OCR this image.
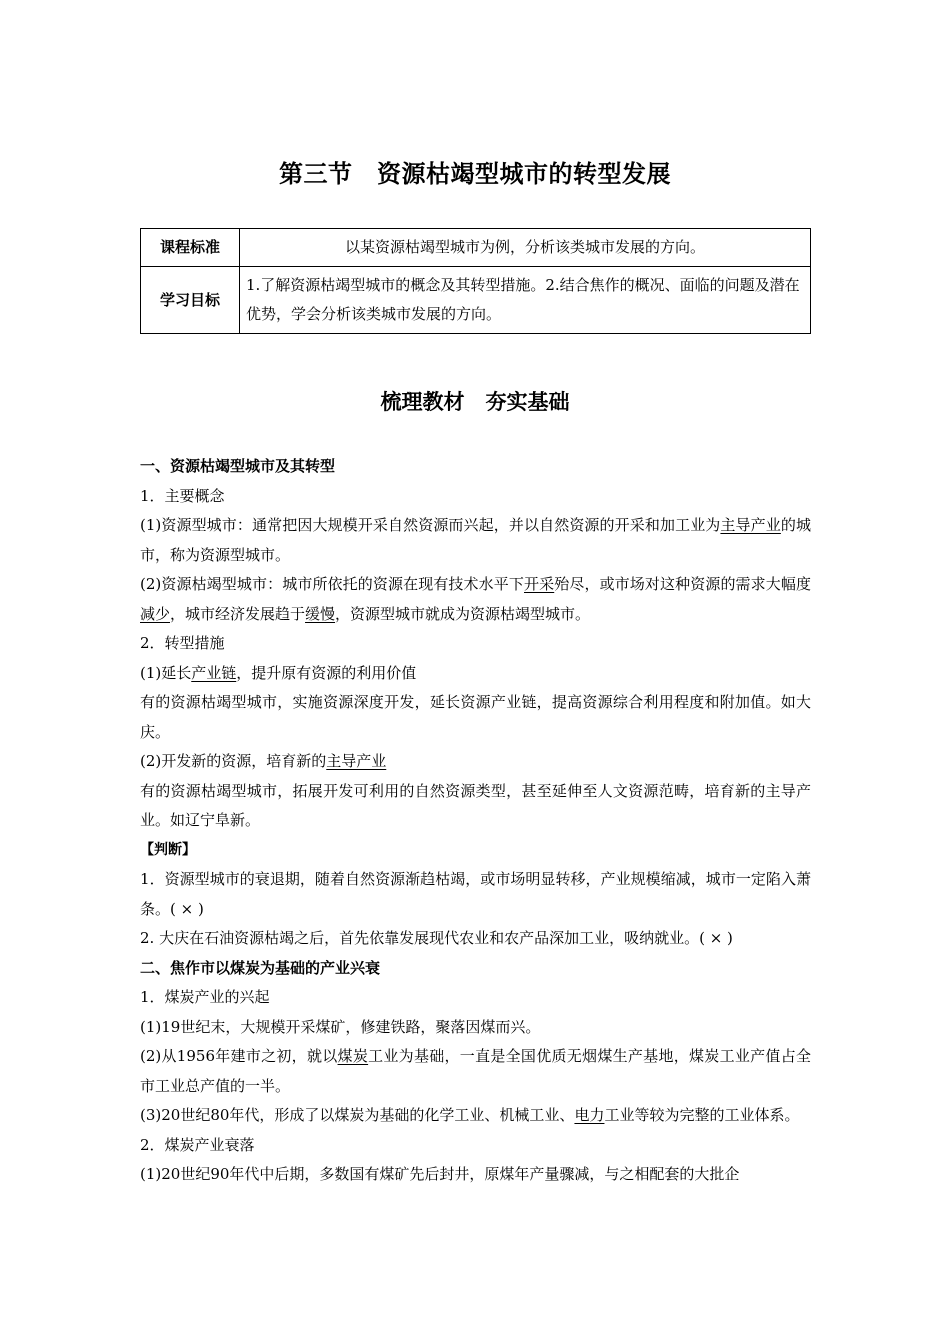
第三节　资源枯竭型城市的转型发展
课程标准	以某资源枯竭型城市为例，分析该类城市发展的方向。
学习目标	1.了解资源枯竭型城市的概念及其转型措施。2.结合焦作的概况、面临的问题及潜在优势，学会分析该类城市发展的方向。
梳理教材　夯实基础

一、资源枯竭型城市及其转型

1．主要概念

(1)资源型城市：通常把因大规模开采自然资源而兴起，并以自然资源的开采和加工业为主导产业的城市，称为资源型城市。

(2)资源枯竭型城市：城市所依托的资源在现有技术水平下开采殆尽，或市场对这种资源的需求大幅度减少，城市经济发展趋于缓慢，资源型城市就成为资源枯竭型城市。

2．转型措施

(1)延长产业链，提升原有资源的利用价值

有的资源枯竭型城市，实施资源深度开发，延长资源产业链，提高资源综合利用程度和附加值。如大庆。

(2)开发新的资源，培育新的主导产业

有的资源枯竭型城市，拓展开发可利用的自然资源类型，甚至延伸至人文资源范畴，培育新的主导产业。如辽宁阜新。

【判断】

1．资源型城市的衰退期，随着自然资源渐趋枯竭，或市场明显转移，产业规模缩减，城市一定陷入萧条。( × )

2. 大庆在石油资源枯竭之后，首先依靠发展现代农业和农产品深加工业，吸纳就业。( × )

二、焦作市以煤炭为基础的产业兴衰

1．煤炭产业的兴起

(1)19世纪末，大规模开采煤矿，修建铁路，聚落因煤而兴。

(2)从1956年建市之初，就以煤炭工业为基础，一直是全国优质无烟煤生产基地，煤炭工业产值占全市工业总产值的一半。

(3)20世纪80年代，形成了以煤炭为基础的化学工业、机械工业、电力工业等较为完整的工业体系。

2．煤炭产业衰落

(1)20世纪90年代中后期，多数国有煤矿先后封井，原煤年产量骤减，与之相配套的大批企
